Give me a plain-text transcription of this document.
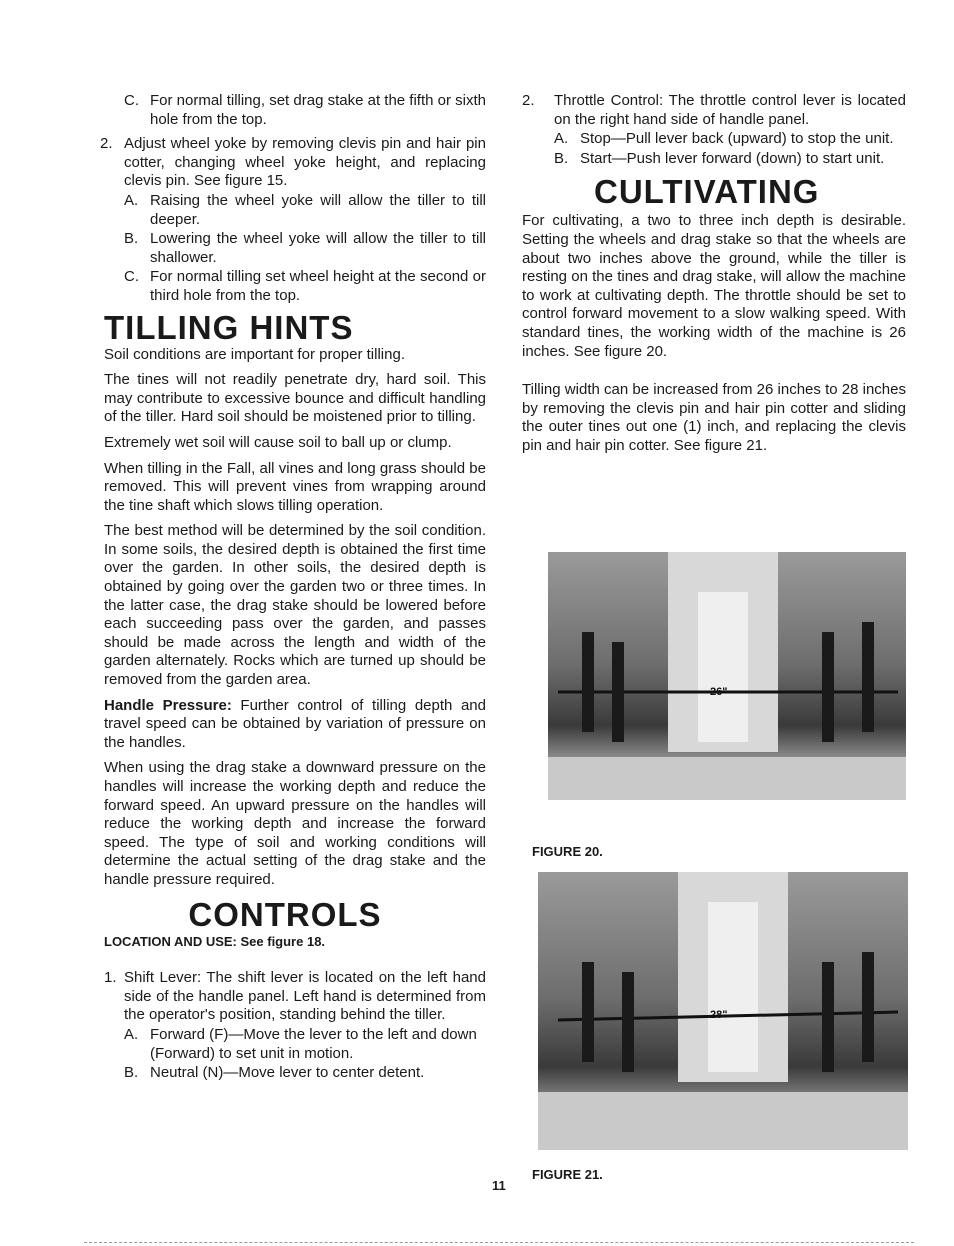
C. For normal tilling, set drag stake at the fifth or sixth hole from the top.
2. Adjust wheel yoke by removing clevis pin and hair pin cotter, changing wheel yoke height, and replacing clevis pin. See figure 15.
A. Raising the wheel yoke will allow the tiller to till deeper.
B. Lowering the wheel yoke will allow the tiller to till shallower.
C. For normal tilling set wheel height at the second or third hole from the top.
TILLING HINTS

Soil conditions are important for proper tilling.

The tines will not readily penetrate dry, hard soil. This may contribute to excessive bounce and difficult handling of the tiller. Hard soil should be moistened prior to tilling.

Extremely wet soil will cause soil to ball up or clump.

When tilling in the Fall, all vines and long grass should be removed. This will prevent vines from wrapping around the tine shaft which slows tilling operation.

The best method will be determined by the soil condition. In some soils, the desired depth is obtained the first time over the garden. In other soils, the desired depth is obtained by going over the garden two or three times. In the latter case, the drag stake should be lowered before each succeeding pass over the garden, and passes should be made across the length and width of the garden alternately. Rocks which are turned up should be removed from the garden area.

Handle Pressure: Further control of tilling depth and travel speed can be obtained by variation of pressure on the handles.

When using the drag stake a downward pressure on the handles will increase the working depth and reduce the forward speed. An upward pressure on the handles will reduce the working depth and increase the forward speed. The type of soil and working conditions will determine the actual setting of the drag stake and the handle pressure required.

CONTROLS
LOCATION AND USE: See figure 18.
1. Shift Lever: The shift lever is located on the left hand side of the handle panel. Left hand is determined from the operator's position, standing behind the tiller.
A. Forward (F)—Move the lever to the left and down (Forward) to set unit in motion.
B. Neutral (N)—Move lever to center detent.
2.	Throttle Control: The throttle control lever is located on the right hand side of handle panel.
A. Stop—Pull lever back (upward) to stop the unit.
B. Start—Push lever forward (down) to start unit.
CULTIVATING

For cultivating, a two to three inch depth is desirable. Setting the wheels and drag stake so that the wheels are about two inches above the ground, while the tiller is resting on the tines and drag stake, will allow the machine to work at cultivating depth. The throttle should be set to control forward movement to a slow walking speed. With standard tines, the working width of the machine is 26 inches. See figure 20.

Tilling width can be increased from 26 inches to 28 inches by removing the clevis pin and hair pin cotter and sliding the outer tines out one (1) inch, and replacing the clevis pin and hair pin cotter. See figure 21.

26"
FIGURE 20.
28"
FIGURE 21.
11
